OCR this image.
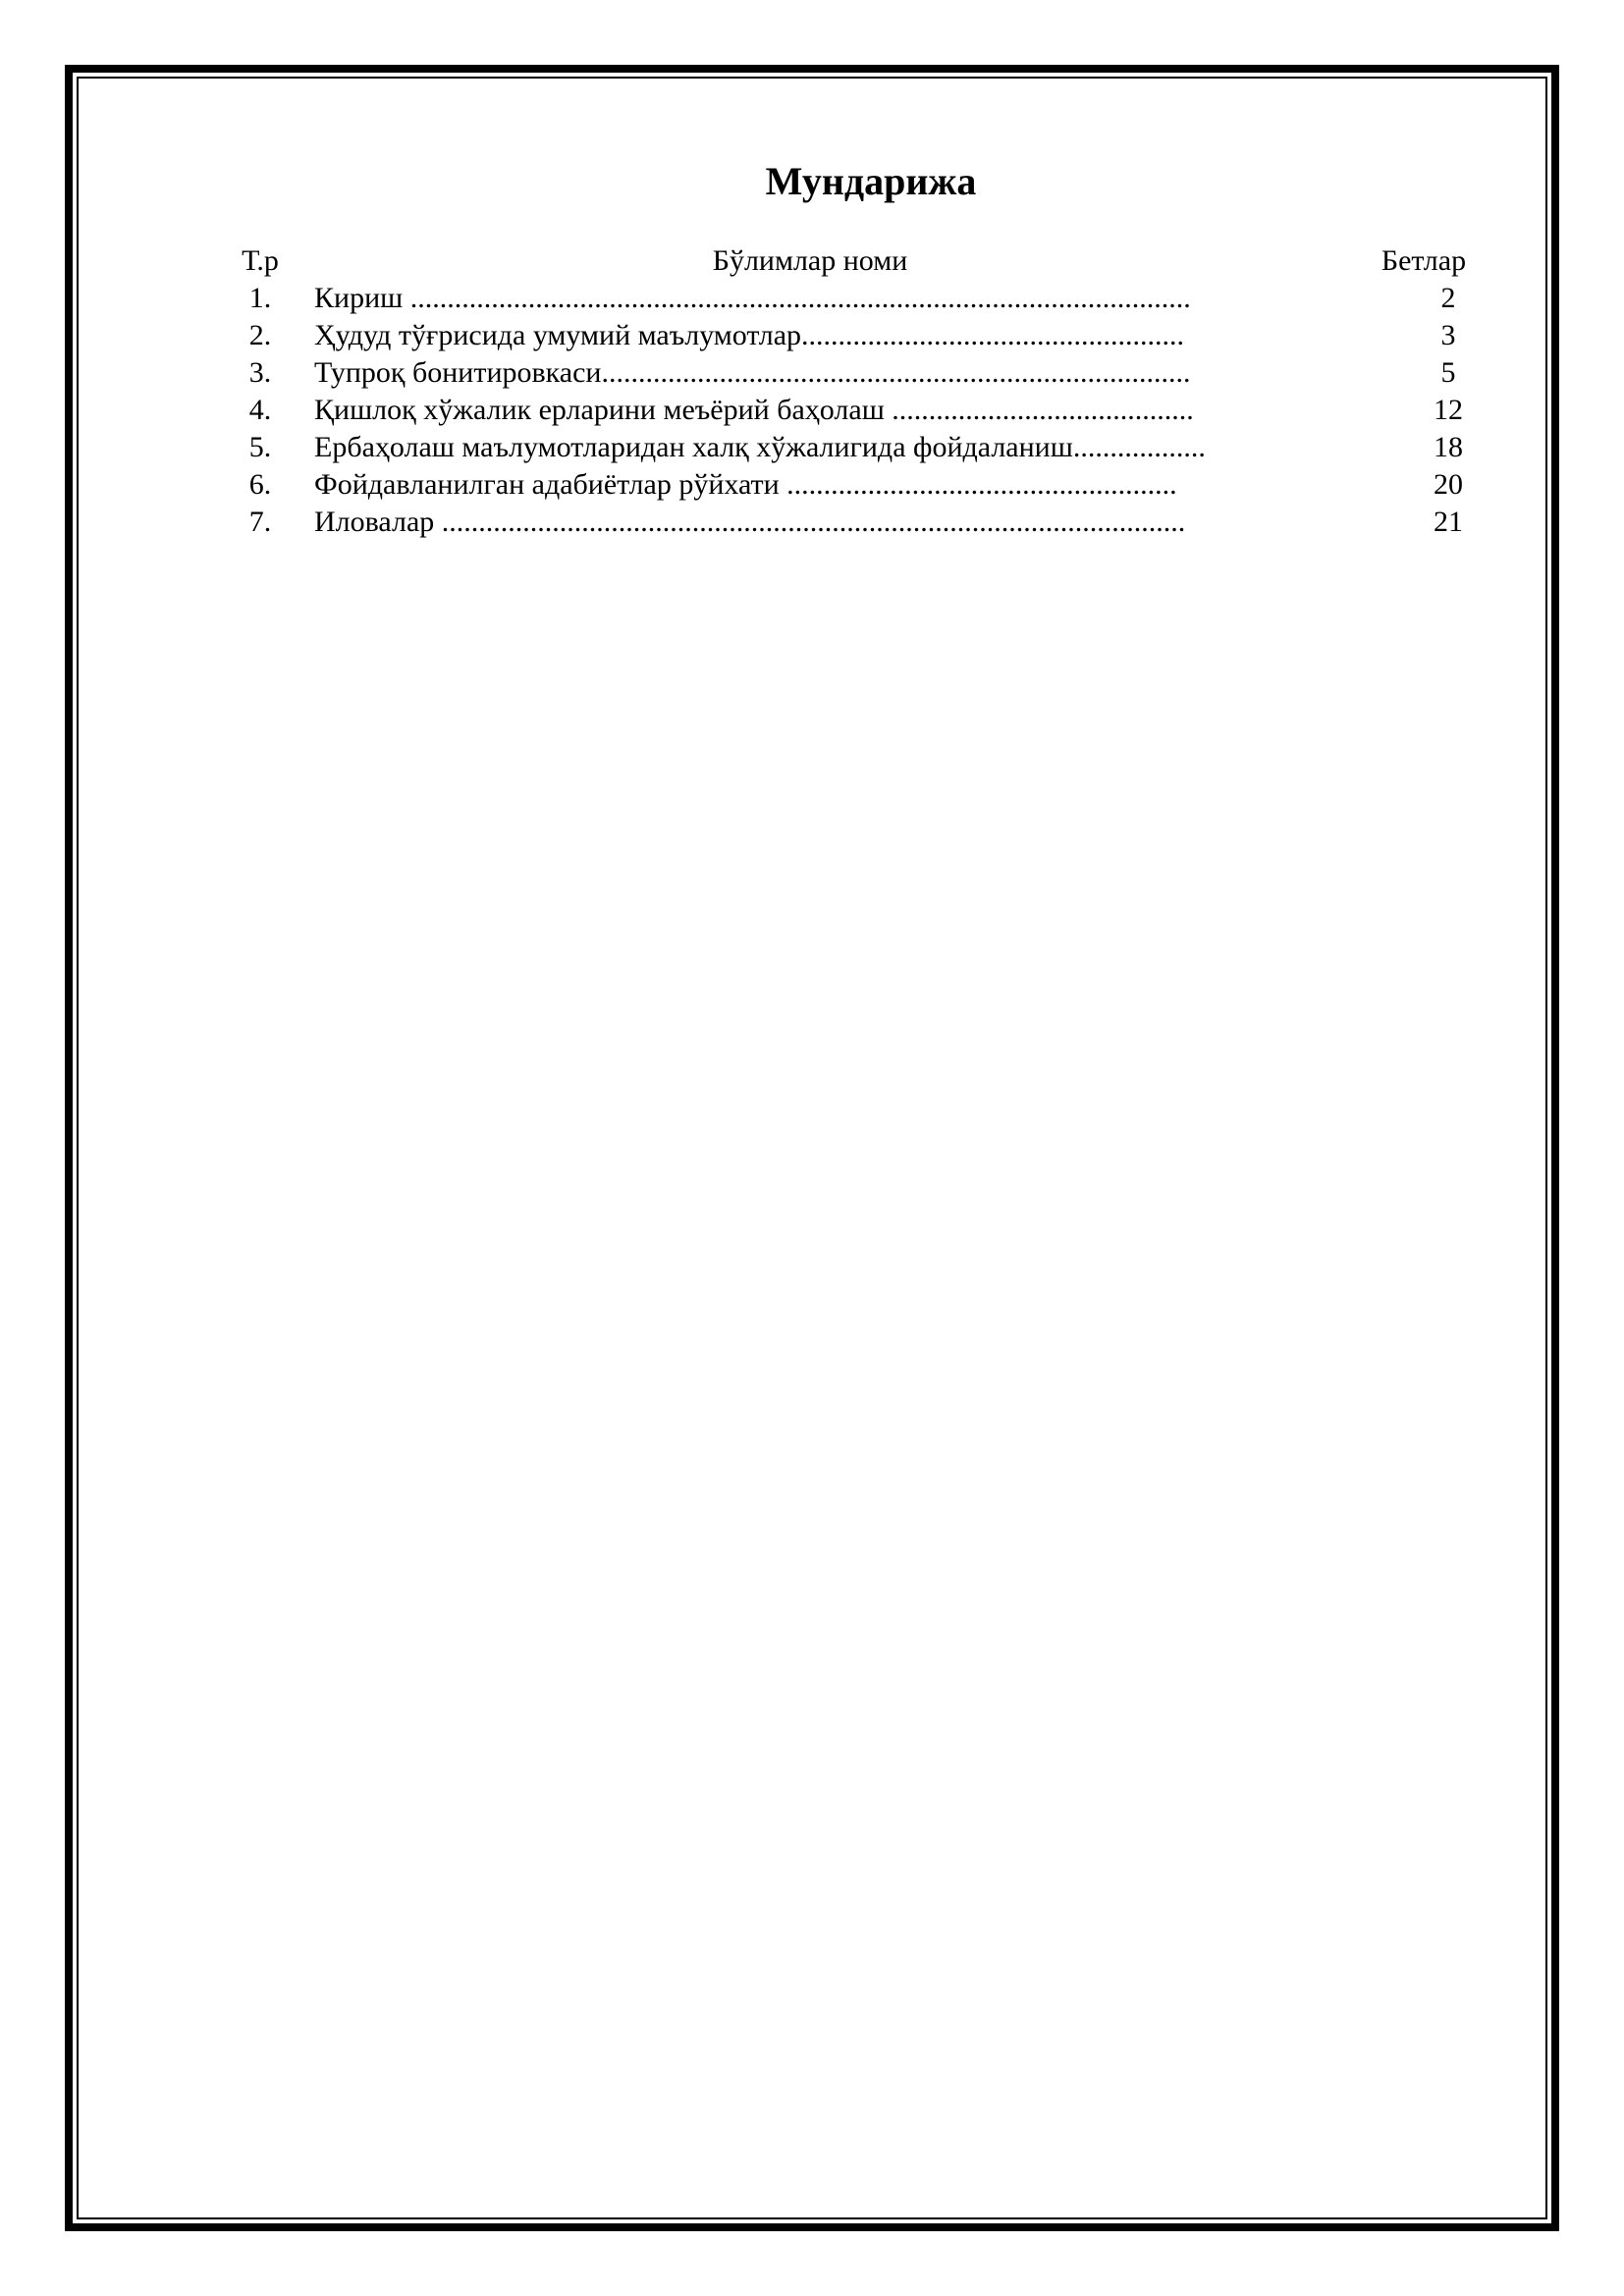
Мундарижа
Т.р	Бўлимлар номи	Бетлар
1.	Кириш ..........................................................................................................	2
2.	Ҳудуд тўғрисида умумий маълумотлар....................................................	3
3.	Тупроқ бонитировкаси................................................................................	5
4.	Қишлоқ хўжалик ерларини меъёрий баҳолаш .........................................	12
5.	Ербаҳолаш маълумотларидан халқ хўжалигида фойдаланиш..................	18
6.	Фойдавланилган адабиётлар рўйхати .....................................................	20
7.	Иловалар .....................................................................................................	21
